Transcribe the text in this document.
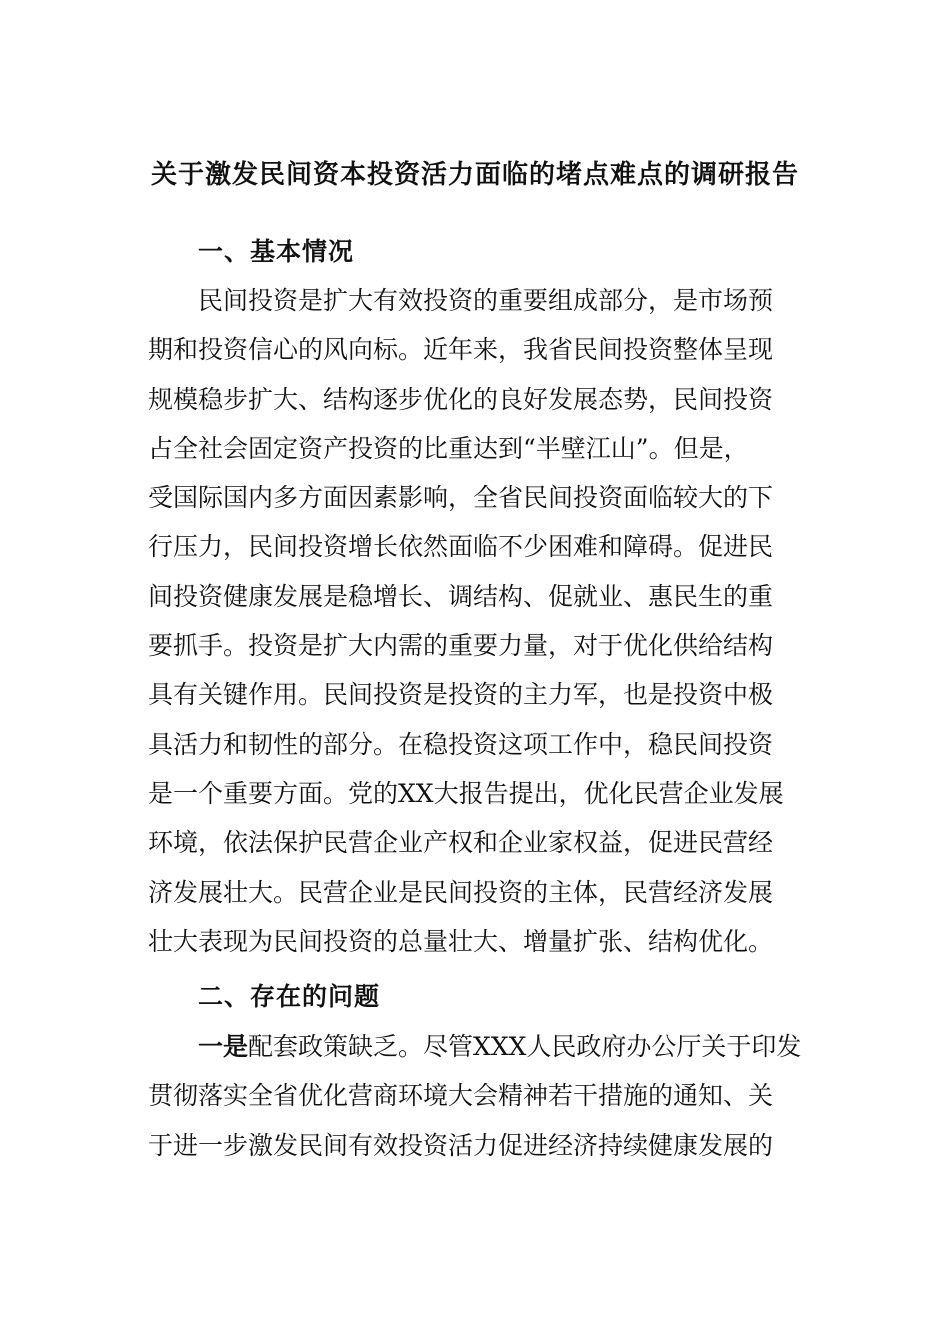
关于激发民间资本投资活力面临的堵点难点的调研报告
一、基本情况
　　民间投资是扩大有效投资的重要组成部分，是市场预
期和投资信心的风向标。近年来，我省民间投资整体呈现
规模稳步扩大、结构逐步优化的良好发展态势，民间投资
占全社会固定资产投资的比重达到“半壁江山”。但是，
受国际国内多方面因素影响，全省民间投资面临较大的下
行压力，民间投资增长依然面临不少困难和障碍。促进民
间投资健康发展是稳增长、调结构、促就业、惠民生的重
要抓手。投资是扩大内需的重要力量，对于优化供给结构
具有关键作用。民间投资是投资的主力军，也是投资中极
具活力和韧性的部分。在稳投资这项工作中，稳民间投资
是一个重要方面。党的XX大报告提出，优化民营企业发展
环境，依法保护民营企业产权和企业家权益，促进民营经
济发展壮大。民营企业是民间投资的主体，民营经济发展
壮大表现为民间投资的总量壮大、增量扩张、结构优化。
二、存在的问题
　　一是配套政策缺乏。尽管XXX人民政府办公厅关于印发
贯彻落实全省优化营商环境大会精神若干措施的通知、关
于进一步激发民间有效投资活力促进经济持续健康发展的
